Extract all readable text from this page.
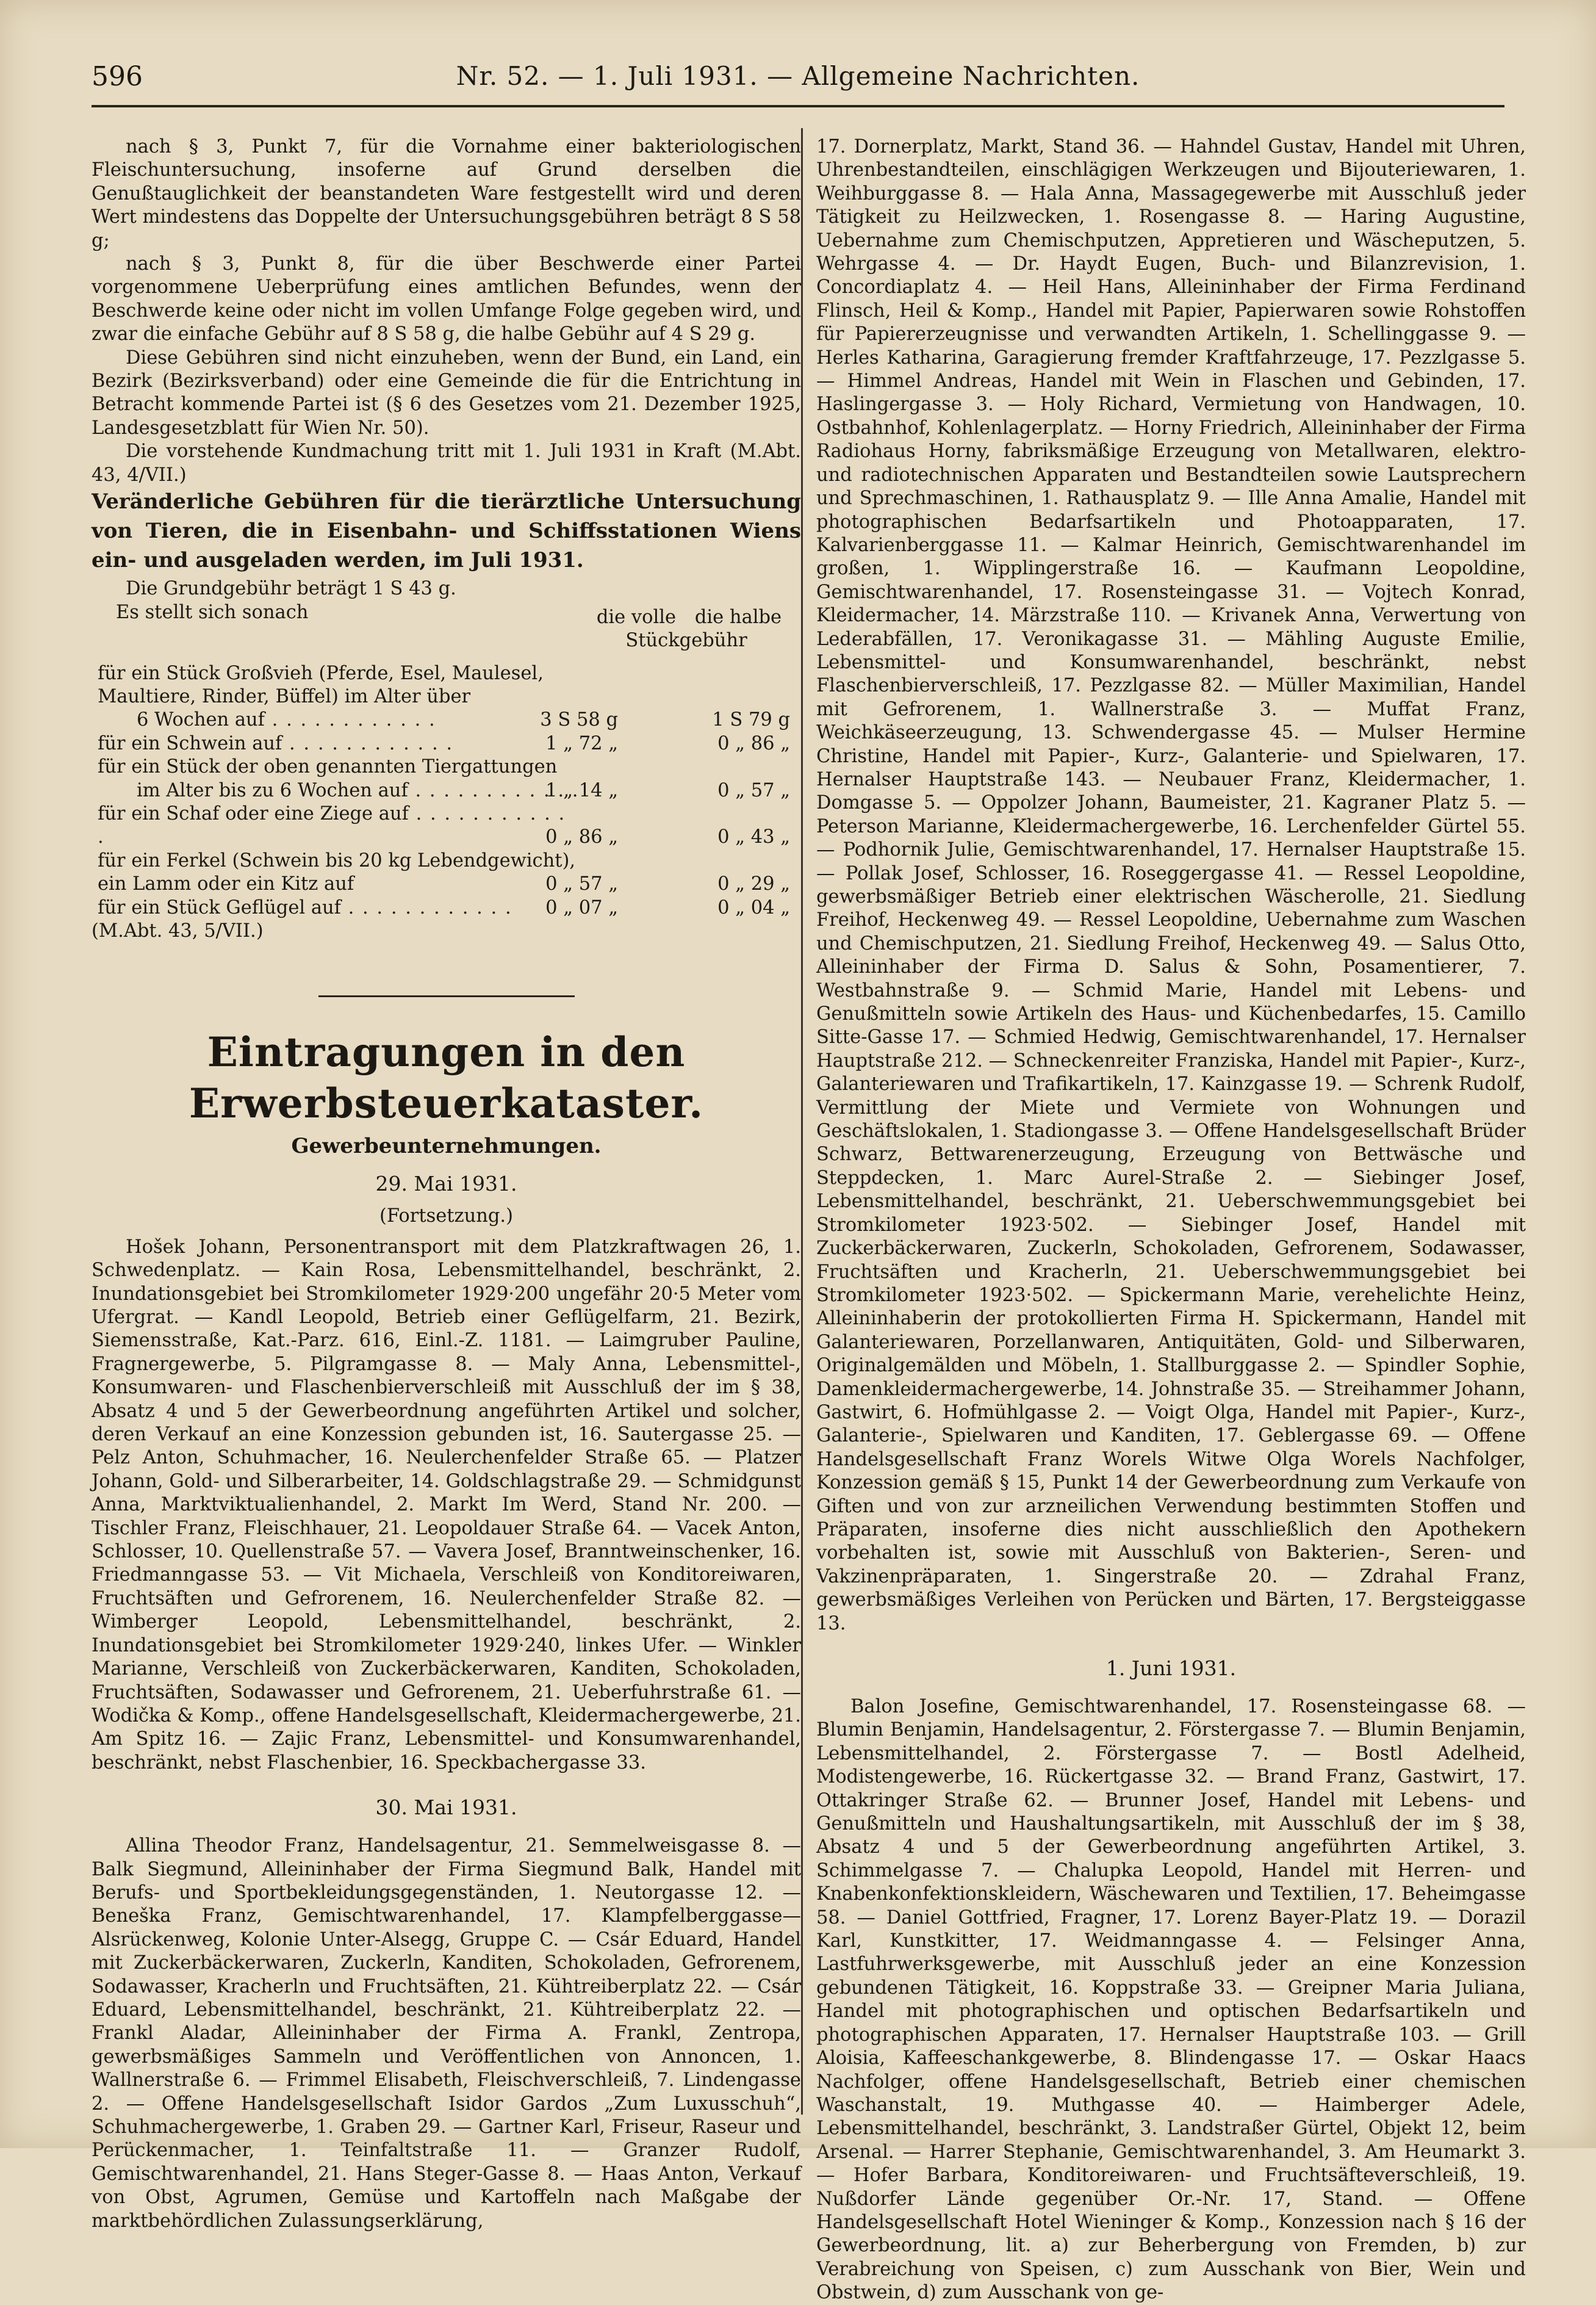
596	Nr. 52. — 1. Juli 1931. — Allgemeine Nachrichten.

nach § 3, Punkt 7, für die Vornahme einer bakteriologischen Fleischuntersuchung, insoferne auf Grund derselben die Genußtauglichkeit der beanstandeten Ware festgestellt wird und deren Wert mindestens das Doppelte der Untersuchungsgebühren beträgt 8 S 58 g;

nach § 3, Punkt 8, für die über Beschwerde einer Partei vorgenommene Ueberprüfung eines amtlichen Befundes, wenn der Beschwerde keine oder nicht im vollen Umfange Folge gegeben wird, und zwar die einfache Gebühr auf 8 S 58 g, die halbe Gebühr auf 4 S 29 g.

Diese Gebühren sind nicht einzuheben, wenn der Bund, ein Land, ein Bezirk (Bezirksverband) oder eine Gemeinde die für die Entrichtung in Betracht kommende Partei ist (§ 6 des Gesetzes vom 21. Dezember 1925, Landesgesetzblatt für Wien Nr. 50).

Die vorstehende Kundmachung tritt mit 1. Juli 1931 in Kraft (M.Abt. 43, 4/VII.)

Veränderliche Gebühren für die tierärztliche Untersuchung von Tieren, die in Eisenbahn- und Schiffsstationen Wiens ein- und ausgeladen werden, im Juli 1931.

Die Grundgebühr beträgt 1 S 43 g.

Es stellt sich sonach	die volle	die halbe
Stückgebühr
für ein Stück Großvieh (Pferde, Esel, Maulesel, Maultiere, Rinder, Büffel) im Alter über
6 Wochen auf . . .	3 S 58 g	1 S 79 g
für ein Schwein auf . . .	1 „ 72 „	0 „ 86 „
für ein Stück der oben genannten Tiergattungen
im Alter bis zu 6 Wochen auf . . .	1 „ 14 „	0 „ 57 „
für ein Schaf oder eine Ziege auf . . .
0 „ 86 „	0 „ 43 „
für ein Ferkel (Schwein bis 20 kg Lebendgewicht), ein Lamm oder ein Kitz auf	0 „ 57 „	0 „ 29 „
für ein Stück Geflügel auf . . .	0 „ 07 „	0 „ 04 „

(M.Abt. 43, 5/VII.)

Eintragungen in den Erwerbsteuerkataster.
Gewerbeunternehmungen.
29. Mai 1931.
(Fortsetzung.)

Hošek Johann, Personentransport mit dem Platzkraftwagen 26, 1. Schwedenplatz. — Kain Rosa, Lebensmittelhandel, beschränkt, 2. Inundationsgebiet bei Stromkilometer 1929·200 ungefähr 20·5 Meter vom Ufergrat. — Kandl Leopold, Betrieb einer Geflügelfarm, 21. Bezirk, Siemensstraße, Kat.-Parz. 616, Einl.-Z. 1181. — Laimgruber Pauline, Fragnergewerbe, 5. Pilgramgasse 8. — Maly Anna, Lebensmittel-, Konsumwaren- und Flaschenbierverschleiß mit Ausschluß der im § 38, Absatz 4 und 5 der Gewerbeordnung angeführten Artikel und solcher, deren Verkauf an eine Konzession gebunden ist, 16. Sautergasse 25. — Pelz Anton, Schuhmacher, 16. Neulerchenfelder Straße 65. — Platzer Johann, Gold- und Silberarbeiter, 14. Goldschlagstraße 29. — Schmidgunst Anna, Marktviktualienhandel, 2. Markt Im Werd, Stand Nr. 200. — Tischler Franz, Fleischhauer, 21. Leopoldauer Straße 64. — Vacek Anton, Schlosser, 10. Quellenstraße 57. — Vavera Josef, Branntweinschenker, 16. Friedmanngasse 53. — Vit Michaela, Verschleiß von Konditoreiwaren, Fruchtsäften und Gefrorenem, 16. Neulerchenfelder Straße 82. — Wimberger Leopold, Lebensmittelhandel, beschränkt, 2. Inundationsgebiet bei Stromkilometer 1929·240, linkes Ufer. — Winkler Marianne, Verschleiß von Zuckerbäckerwaren, Kanditen, Schokoladen, Fruchtsäften, Sodawasser und Gefrorenem, 21. Ueberfuhrstraße 61. — Wodička & Komp., offene Handelsgesellschaft, Kleidermachergewerbe, 21. Am Spitz 16. — Zajic Franz, Lebensmittel- und Konsumwarenhandel, beschränkt, nebst Flaschenbier, 16. Speckbachergasse 33.

30. Mai 1931.

Allina Theodor Franz, Handelsagentur, 21. Semmelweisgasse 8. — Balk Siegmund, Alleininhaber der Firma Siegmund Balk, Handel mit Berufs- und Sportbekleidungsgegenständen, 1. Neutorgasse 12. — Beneška Franz, Gemischtwarenhandel, 17. Klampfelberggasse—Alsrückenweg, Kolonie Unter-Alsegg, Gruppe C. — Csár Eduard, Handel mit Zuckerbäckerwaren, Zuckerln, Kanditen, Schokoladen, Gefrorenem, Sodawasser, Kracherln und Fruchtsäften, 21. Kühtreiberplatz 22. — Csár Eduard, Lebensmittelhandel, beschränkt, 21. Kühtreiberplatz 22. — Frankl Aladar, Alleininhaber der Firma A. Frankl, Zentropa, gewerbsmäßiges Sammeln und Veröffentlichen von Annoncen, 1. Wallnerstraße 6. — Frimmel Elisabeth, Fleischverschleiß, 7. Lindengasse 2. — Offene Handelsgesellschaft Isidor Gardos „Zum Luxusschuh“, Schuhmachergewerbe, 1. Graben 29. — Gartner Karl, Friseur, Raseur und Perückenmacher, 1. Teinfaltstraße 11. — Granzer Rudolf, Gemischtwarenhandel, 21. Hans Steger-Gasse 8. — Haas Anton, Verkauf von Obst, Agrumen, Gemüse und Kartoffeln nach Maßgabe der marktbehördlichen Zulassungserklärung,

17. Dornerplatz, Markt, Stand 36. — Hahndel Gustav, Handel mit Uhren, Uhrenbestandteilen, einschlägigen Werkzeugen und Bijouteriewaren, 1. Weihburggasse 8. — Hala Anna, Massagegewerbe mit Ausschluß jeder Tätigkeit zu Heilzwecken, 1. Rosengasse 8. — Haring Augustine, Uebernahme zum Chemischputzen, Appretieren und Wäscheputzen, 5. Wehrgasse 4. — Dr. Haydt Eugen, Buch- und Bilanzrevision, 1. Concordiaplatz 4. — Heil Hans, Alleininhaber der Firma Ferdinand Flinsch, Heil & Komp., Handel mit Papier, Papierwaren sowie Rohstoffen für Papiererzeugnisse und verwandten Artikeln, 1. Schellinggasse 9. — Herles Katharina, Garagierung fremder Kraftfahrzeuge, 17. Pezzlgasse 5. — Himmel Andreas, Handel mit Wein in Flaschen und Gebinden, 17. Haslingergasse 3. — Holy Richard, Vermietung von Handwagen, 10. Ostbahnhof, Kohlenlagerplatz. — Horny Friedrich, Alleininhaber der Firma Radiohaus Horny, fabriksmäßige Erzeugung von Metallwaren, elektro- und radiotechnischen Apparaten und Bestandteilen sowie Lautsprechern und Sprechmaschinen, 1. Rathausplatz 9. — Ille Anna Amalie, Handel mit photographischen Bedarfsartikeln und Photoapparaten, 17. Kalvarienberggasse 11. — Kalmar Heinrich, Gemischtwarenhandel im großen, 1. Wipplingerstraße 16. — Kaufmann Leopoldine, Gemischtwarenhandel, 17. Rosensteingasse 31. — Vojtech Konrad, Kleidermacher, 14. Märzstraße 110. — Krivanek Anna, Verwertung von Lederabfällen, 17. Veronikagasse 31. — Mähling Auguste Emilie, Lebensmittel- und Konsumwarenhandel, beschränkt, nebst Flaschenbierverschleiß, 17. Pezzlgasse 82. — Müller Maximilian, Handel mit Gefrorenem, 1. Wallnerstraße 3. — Muffat Franz, Weichkäseerzeugung, 13. Schwendergasse 45. — Mulser Hermine Christine, Handel mit Papier-, Kurz-, Galanterie- und Spielwaren, 17. Hernalser Hauptstraße 143. — Neubauer Franz, Kleidermacher, 1. Domgasse 5. — Oppolzer Johann, Baumeister, 21. Kagraner Platz 5. — Peterson Marianne, Kleidermachergewerbe, 16. Lerchenfelder Gürtel 55. — Podhornik Julie, Gemischtwarenhandel, 17. Hernalser Hauptstraße 15. — Pollak Josef, Schlosser, 16. Roseggergasse 41. — Ressel Leopoldine, gewerbsmäßiger Betrieb einer elektrischen Wäscherolle, 21. Siedlung Freihof, Heckenweg 49. — Ressel Leopoldine, Uebernahme zum Waschen und Chemischputzen, 21. Siedlung Freihof, Heckenweg 49. — Salus Otto, Alleininhaber der Firma D. Salus & Sohn, Posamentierer, 7. Westbahnstraße 9. — Schmid Marie, Handel mit Lebens- und Genußmitteln sowie Artikeln des Haus- und Küchenbedarfes, 15. Camillo Sitte-Gasse 17. — Schmied Hedwig, Gemischtwarenhandel, 17. Hernalser Hauptstraße 212. — Schneckenreiter Franziska, Handel mit Papier-, Kurz-, Galanteriewaren und Trafikartikeln, 17. Kainzgasse 19. — Schrenk Rudolf, Vermittlung der Miete und Vermiete von Wohnungen und Geschäftslokalen, 1. Stadiongasse 3. — Offene Handelsgesellschaft Brüder Schwarz, Bettwarenerzeugung, Erzeugung von Bettwäsche und Steppdecken, 1. Marc Aurel-Straße 2. — Siebinger Josef, Lebensmittelhandel, beschränkt, 21. Ueberschwemmungsgebiet bei Stromkilometer 1923·502. — Siebinger Josef, Handel mit Zuckerbäckerwaren, Zuckerln, Schokoladen, Gefrorenem, Sodawasser, Fruchtsäften und Kracherln, 21. Ueberschwemmungsgebiet bei Stromkilometer 1923·502. — Spickermann Marie, verehelichte Heinz, Alleininhaberin der protokollierten Firma H. Spickermann, Handel mit Galanteriewaren, Porzellanwaren, Antiquitäten, Gold- und Silberwaren, Originalgemälden und Möbeln, 1. Stallburggasse 2. — Spindler Sophie, Damenkleidermachergewerbe, 14. Johnstraße 35. — Streihammer Johann, Gastwirt, 6. Hofmühlgasse 2. — Voigt Olga, Handel mit Papier-, Kurz-, Galanterie-, Spielwaren und Kanditen, 17. Geblergasse 69. — Offene Handelsgesellschaft Franz Worels Witwe Olga Worels Nachfolger, Konzession gemäß § 15, Punkt 14 der Gewerbeordnung zum Verkaufe von Giften und von zur arzneilichen Verwendung bestimmten Stoffen und Präparaten, insoferne dies nicht ausschließlich den Apothekern vorbehalten ist, sowie mit Ausschluß von Bakterien-, Seren- und Vakzinenpräparaten, 1. Singerstraße 20. — Zdrahal Franz, gewerbsmäßiges Verleihen von Perücken und Bärten, 17. Bergsteiggasse 13.

1. Juni 1931.

Balon Josefine, Gemischtwarenhandel, 17. Rosensteingasse 68. — Blumin Benjamin, Handelsagentur, 2. Förstergasse 7. — Blumin Benjamin, Lebensmittelhandel, 2. Förstergasse 7. — Bostl Adelheid, Modistengewerbe, 16. Rückertgasse 32. — Brand Franz, Gastwirt, 17. Ottakringer Straße 62. — Brunner Josef, Handel mit Lebens- und Genußmitteln und Haushaltungsartikeln, mit Ausschluß der im § 38, Absatz 4 und 5 der Gewerbeordnung angeführten Artikel, 3. Schimmelgasse 7. — Chalupka Leopold, Handel mit Herren- und Knabenkonfektionskleidern, Wäschewaren und Textilien, 17. Beheimgasse 58. — Daniel Gottfried, Fragner, 17. Lorenz Bayer-Platz 19. — Dorazil Karl, Kunstkitter, 17. Weidmanngasse 4. — Felsinger Anna, Lastfuhrwerksgewerbe, mit Ausschluß jeder an eine Konzession gebundenen Tätigkeit, 16. Koppstraße 33. — Greipner Maria Juliana, Handel mit photographischen und optischen Bedarfsartikeln und photographischen Apparaten, 17. Hernalser Hauptstraße 103. — Grill Aloisia, Kaffeeschankgewerbe, 8. Blindengasse 17. — Oskar Haacs Nachfolger, offene Handelsgesellschaft, Betrieb einer chemischen Waschanstalt, 19. Muthgasse 40. — Haimberger Adele, Lebensmittelhandel, beschränkt, 3. Landstraßer Gürtel, Objekt 12, beim Arsenal. — Harrer Stephanie, Gemischtwarenhandel, 3. Am Heumarkt 3. — Hofer Barbara, Konditoreiwaren- und Fruchtsäfteverschleiß, 19. Nußdorfer Lände gegenüber Or.-Nr. 17, Stand. — Offene Handelsgesellschaft Hotel Wieninger & Komp., Konzession nach § 16 der Gewerbeordnung, lit. a) zur Beherbergung von Fremden, b) zur Verabreichung von Speisen, c) zum Ausschank von Bier, Wein und Obstwein, d) zum Ausschank von ge-
